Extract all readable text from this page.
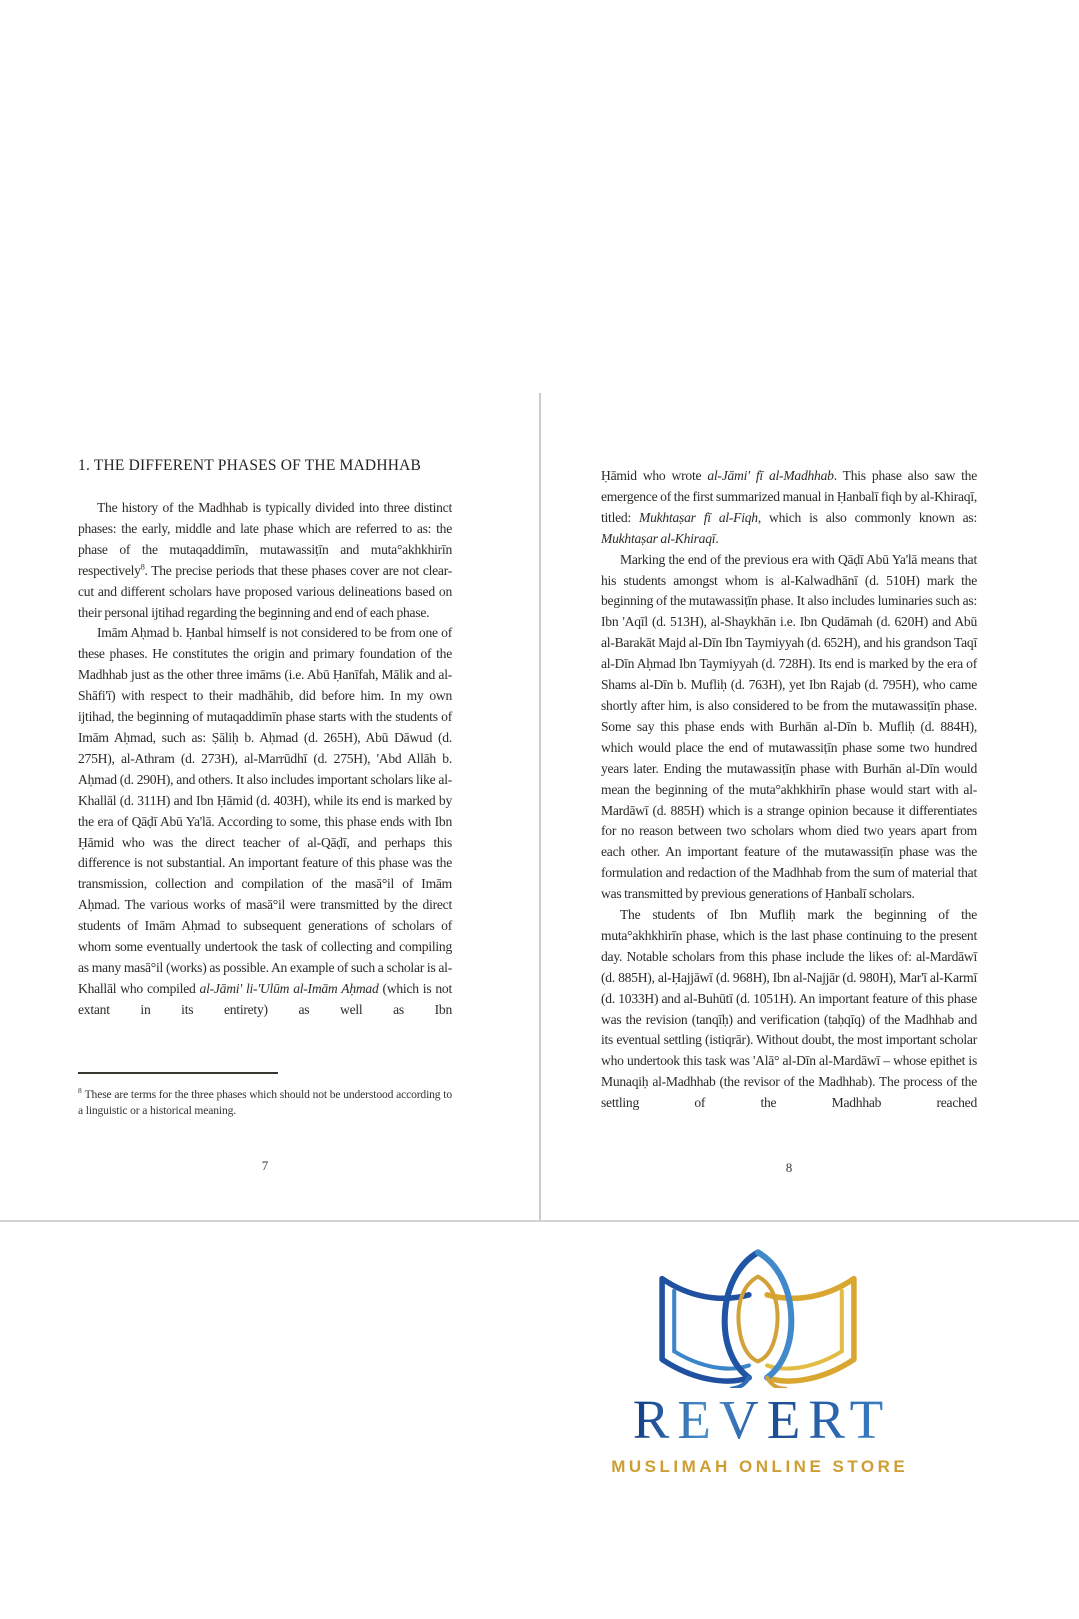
1. THE DIFFERENT PHASES OF THE MADHHAB

The history of the Madhhab is typically divided into three distinct phases: the early, middle and late phase which are referred to as: the phase of the mutaqaddimīn, mutawassiṭīn and muta°akhkhirīn respectively$^8$. The precise periods that these phases cover are not clear-cut and different scholars have proposed various delineations based on their personal ijtihad regarding the beginning and end of each phase.

Imām Aḥmad b. Ḥanbal himself is not considered to be from one of these phases. He constitutes the origin and primary foundation of the Madhhab just as the other three imāms (i.e. Abū Ḥanīfah, Mālik and al-Shāfi'ī) with respect to their madhāhib, did before him. In my own ijtihad, the beginning of mutaqaddimīn phase starts with the students of Imām Aḥmad, such as: Ṣāliḥ b. Aḥmad (d. 265H), Abū Dāwud (d. 275H), al-Athram (d. 273H), al-Marrūdhī (d. 275H), 'Abd Allāh b. Aḥmad (d. 290H), and others. It also includes important scholars like al-Khallāl (d. 311H) and Ibn Ḥāmid (d. 403H), while its end is marked by the era of Qāḍī Abū Ya'lā. According to some, this phase ends with Ibn Ḥāmid who was the direct teacher of al-Qāḍī, and perhaps this difference is not substantial. An important feature of this phase was the transmission, collection and compilation of the masā°il of Imām Aḥmad. The various works of masā°il were transmitted by the direct students of Imām Aḥmad to subsequent generations of scholars of whom some eventually undertook the task of collecting and compiling as many masā°il (works) as possible. An example of such a scholar is al-Khallāl who compiled al-Jāmi' li-'Ulūm al-Imām Aḥmad (which is not extant in its entirety) as well as Ibn

Ḥāmid who wrote al-Jāmi' fī al-Madhhab. This phase also saw the emergence of the first summarized manual in Ḥanbalī fiqh by al-Khiraqī, titled: Mukhtaṣar fī al-Fiqh, which is also commonly known as: Mukhtaṣar al-Khiraqī.

Marking the end of the previous era with Qāḍī Abū Ya'lā means that his students amongst whom is al-Kalwadhānī (d. 510H) mark the beginning of the mutawassiṭīn phase. It also includes luminaries such as: Ibn 'Aqīl (d. 513H), al-Shaykhān i.e. Ibn Qudāmah (d. 620H) and Abū al-Barakāt Majd al-Dīn Ibn Taymiyyah (d. 652H), and his grandson Taqī al-Dīn Aḥmad Ibn Taymiyyah (d. 728H). Its end is marked by the era of Shams al-Dīn b. Mufliḥ (d. 763H), yet Ibn Rajab (d. 795H), who came shortly after him, is also considered to be from the mutawassiṭīn phase. Some say this phase ends with Burhān al-Dīn b. Mufliḥ (d. 884H), which would place the end of mutawassiṭīn phase some two hundred years later. Ending the mutawassiṭīn phase with Burhān al-Dīn would mean the beginning of the muta°akhkhirīn phase would start with al-Mardāwī (d. 885H) which is a strange opinion because it differentiates for no reason between two scholars whom died two years apart from each other. An important feature of the mutawassiṭīn phase was the formulation and redaction of the Madhhab from the sum of material that was transmitted by previous generations of Ḥanbalī scholars.

The students of Ibn Mufliḥ mark the beginning of the muta°akhkhirīn phase, which is the last phase continuing to the present day. Notable scholars from this phase include the likes of: al-Mardāwī (d. 885H), al-Ḥajjāwī (d. 968H), Ibn al-Najjār (d. 980H), Mar'ī al-Karmī (d. 1033H) and al-Buhūtī (d. 1051H). An important feature of this phase was the revision (tanqīḥ) and verification (taḥqīq) of the Madhhab and its eventual settling (istiqrār). Without doubt, the most important scholar who undertook this task was 'Alā° al-Dīn al-Mardāwī – whose epithet is Munaqiḥ al-Madhhab (the revisor of the Madhhab). The process of the settling of the Madhhab reached

$^8$ These are terms for the three phases which should not be understood according to a linguistic or a historical meaning.

7	8
REVERT
MUSLIMAH ONLINE STORE
